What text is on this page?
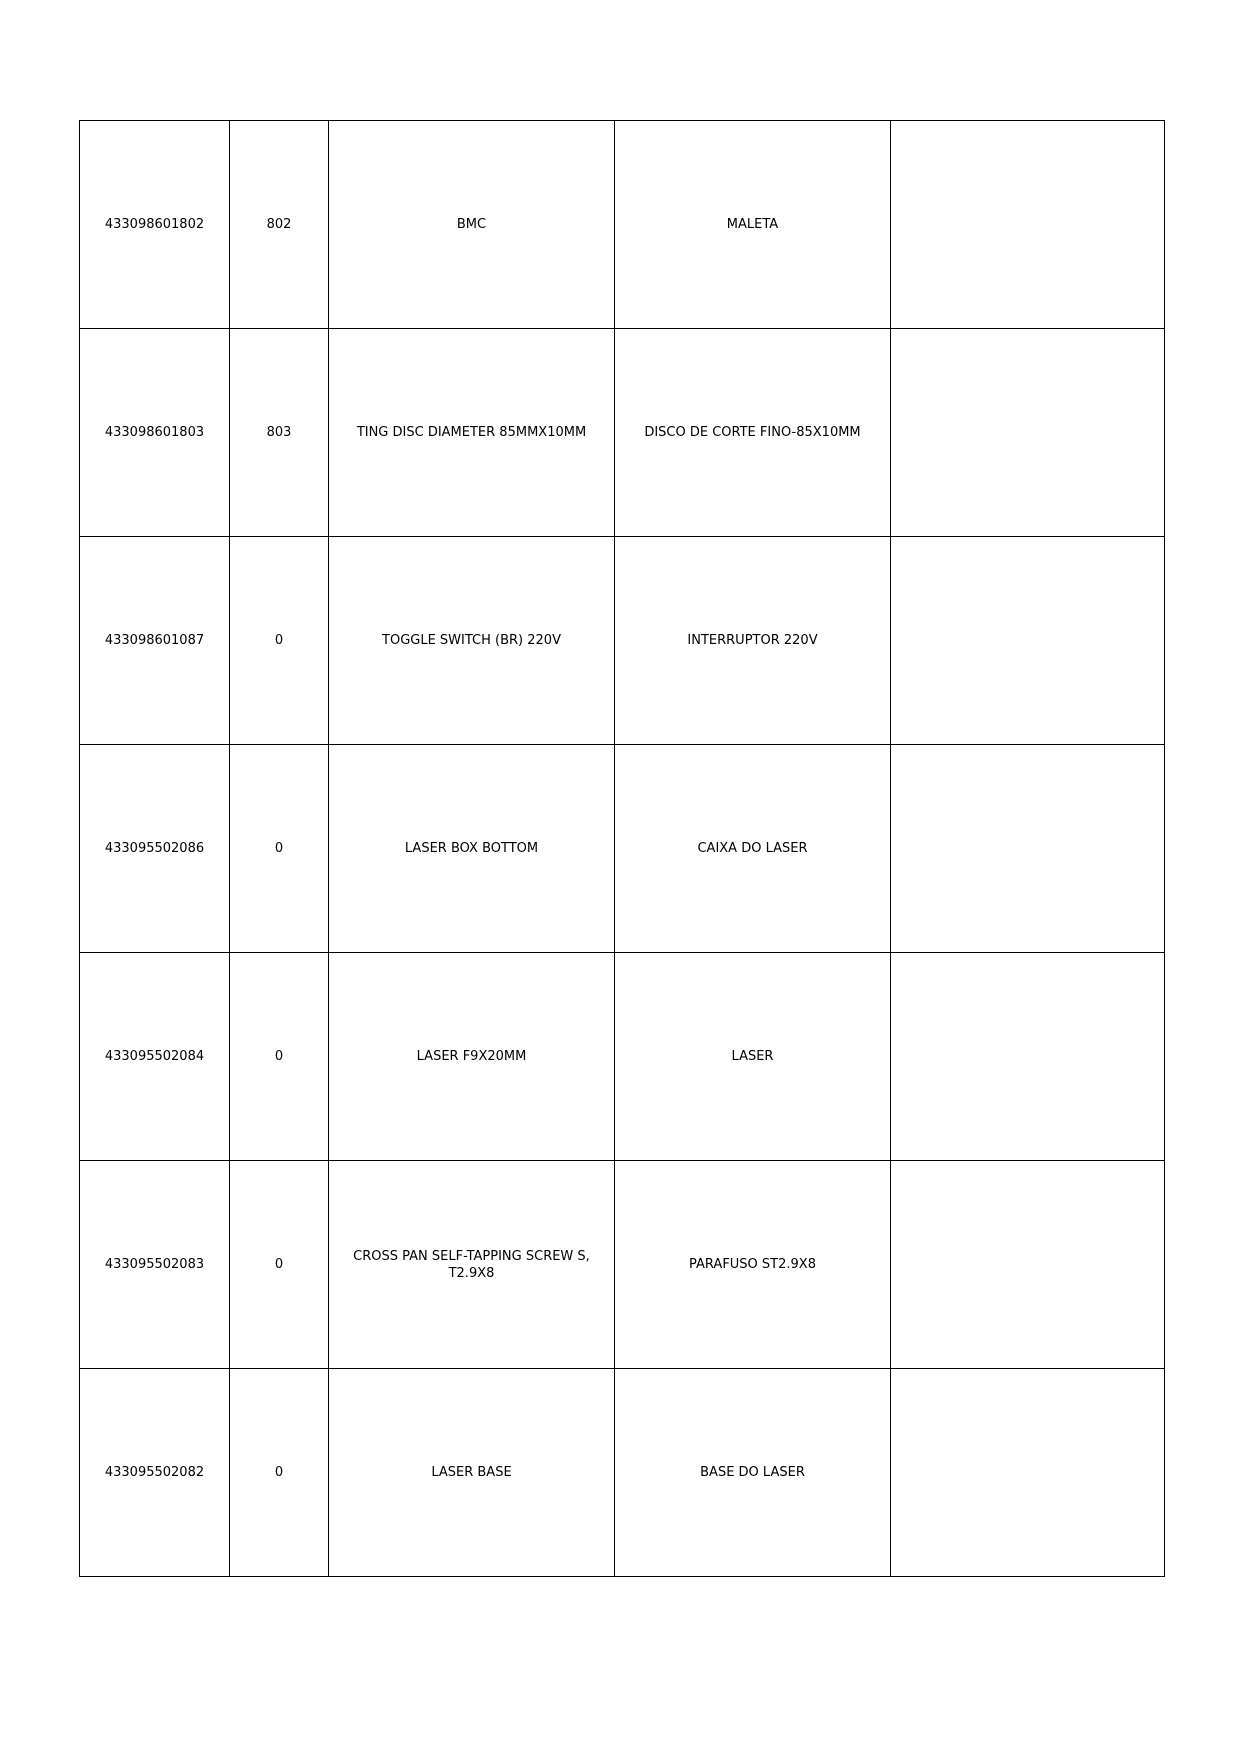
433098601802	802	BMC	MALETA	
433098601803	803	TING DISC DIAMETER 85MMX10MM	DISCO DE CORTE FINO-85X10MM	
433098601087	0	TOGGLE SWITCH (BR) 220V	INTERRUPTOR 220V	
433095502086	0	LASER BOX BOTTOM	CAIXA DO LASER	
433095502084	0	LASER F9X20MM	LASER	
433095502083	0	CROSS PAN SELF-TAPPING SCREW S, T2.9X8	PARAFUSO ST2.9X8	
433095502082	0	LASER BASE	BASE DO LASER	
